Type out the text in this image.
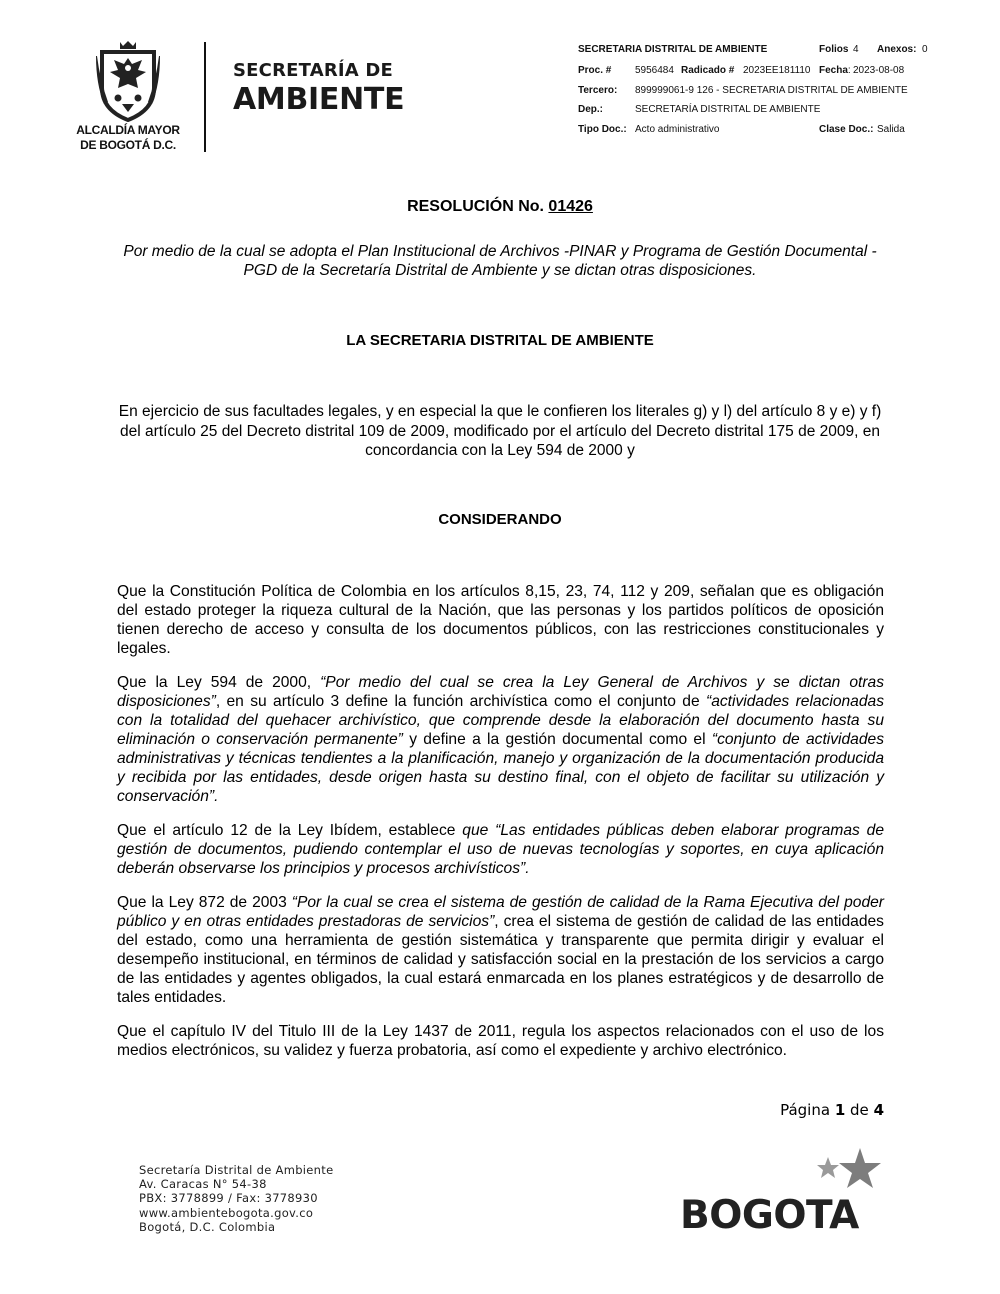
ALCALDÍA MAYOR
DE BOGOTÁ D.C.
SECRETARÍA DE
AMBIENTE
SECRETARIA DISTRITAL DE AMBIENTE	Folios 4 Anexos: 0
Proc. # 5956484 Radicado # 2023EE181110 Fecha: 2023-08-08
Tercero: 899999061-9 126 - SECRETARIA DISTRITAL DE AMBIENTE
Dep.:	SECRETARÍA DISTRITAL DE AMBIENTE
Tipo Doc.: Acto administrativo	Clase Doc.: Salida
RESOLUCIÓN No. 01426
Por medio de la cual se adopta el Plan Institucional de Archivos -PINAR y Programa de Gestión Documental -PGD de la Secretaría Distrital de Ambiente y se dictan otras disposiciones.
LA SECRETARIA DISTRITAL DE AMBIENTE
En ejercicio de sus facultades legales, y en especial la que le confieren los literales g) y l) del artículo 8 y e) y f) del artículo 25 del Decreto distrital 109 de 2009, modificado por el artículo del Decreto distrital 175 de 2009, en concordancia con la Ley 594 de 2000 y
CONSIDERANDO

Que la Constitución Política de Colombia en los artículos 8,15, 23, 74, 112 y 209, señalan que es obligación del estado proteger la riqueza cultural de la Nación, que las personas y los partidos políticos de oposición tienen derecho de acceso y consulta de los documentos públicos, con las restricciones constitucionales y legales.

Que la Ley 594 de 2000, “Por medio del cual se crea la Ley General de Archivos y se dictan otras disposiciones”, en su artículo 3 define la función archivística como el conjunto de “actividades relacionadas con la totalidad del quehacer archivístico, que comprende desde la elaboración del documento hasta su eliminación o conservación permanente” y define a la gestión documental como el “conjunto de actividades administrativas y técnicas tendientes a la planificación, manejo y organización de la documentación producida y recibida por las entidades, desde origen hasta su destino final, con el objeto de facilitar su utilización y conservación”.

Que el artículo 12 de la Ley Ibídem, establece que “Las entidades públicas deben elaborar programas de gestión de documentos, pudiendo contemplar el uso de nuevas tecnologías y soportes, en cuya aplicación deberán observarse los principios y procesos archivísticos”.

Que la Ley 872 de 2003 “Por la cual se crea el sistema de gestión de calidad de la Rama Ejecutiva del poder público y en otras entidades prestadoras de servicios”, crea el sistema de gestión de calidad de las entidades del estado, como una herramienta de gestión sistemática y transparente que permita dirigir y evaluar el desempeño institucional, en términos de calidad y satisfacción social en la prestación de los servicios a cargo de las entidades y agentes obligados, la cual estará enmarcada en los planes estratégicos y de desarrollo de tales entidades.

Que el capítulo IV del Titulo III de la Ley 1437 de 2011, regula los aspectos relacionados con el uso de los medios electrónicos, su validez y fuerza probatoria, así como el expediente y archivo electrónico.

Página 1 de 4
Secretaría Distrital de Ambiente
Av. Caracas N° 54-38
PBX: 3778899 / Fax: 3778930
www.ambientebogota.gov.co
Bogotá, D.C. Colombia	BOGOTA
